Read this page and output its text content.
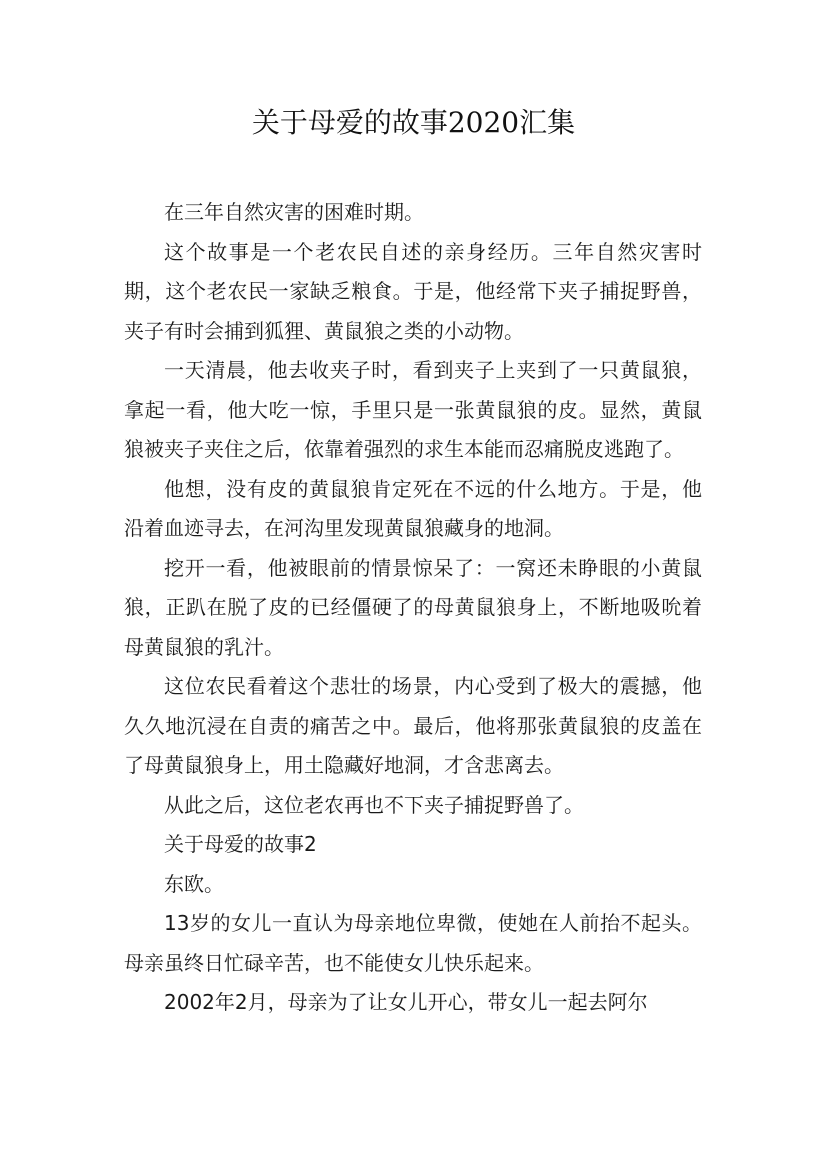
关于母爱的故事2020汇集

在三年自然灾害的困难时期。

这个故事是一个老农民自述的亲身经历。三年自然灾害时期，这个老农民一家缺乏粮食。于是，他经常下夹子捕捉野兽，夹子有时会捕到狐狸、黄鼠狼之类的小动物。

一天清晨，他去收夹子时，看到夹子上夹到了一只黄鼠狼，拿起一看，他大吃一惊，手里只是一张黄鼠狼的皮。显然，黄鼠狼被夹子夹住之后，依靠着强烈的求生本能而忍痛脱皮逃跑了。

他想，没有皮的黄鼠狼肯定死在不远的什么地方。于是，他沿着血迹寻去，在河沟里发现黄鼠狼藏身的地洞。

挖开一看，他被眼前的情景惊呆了：一窝还未睁眼的小黄鼠狼，正趴在脱了皮的已经僵硬了的母黄鼠狼身上，不断地吸吮着母黄鼠狼的乳汁。

这位农民看着这个悲壮的场景，内心受到了极大的震撼，他久久地沉浸在自责的痛苦之中。最后，他将那张黄鼠狼的皮盖在了母黄鼠狼身上，用土隐藏好地洞，才含悲离去。

从此之后，这位老农再也不下夹子捕捉野兽了。

关于母爱的故事2

东欧。

13岁的女儿一直认为母亲地位卑微，使她在人前抬不起头。母亲虽终日忙碌辛苦，也不能使女儿快乐起来。

2002年2月，母亲为了让女儿开心，带女儿一起去阿尔
